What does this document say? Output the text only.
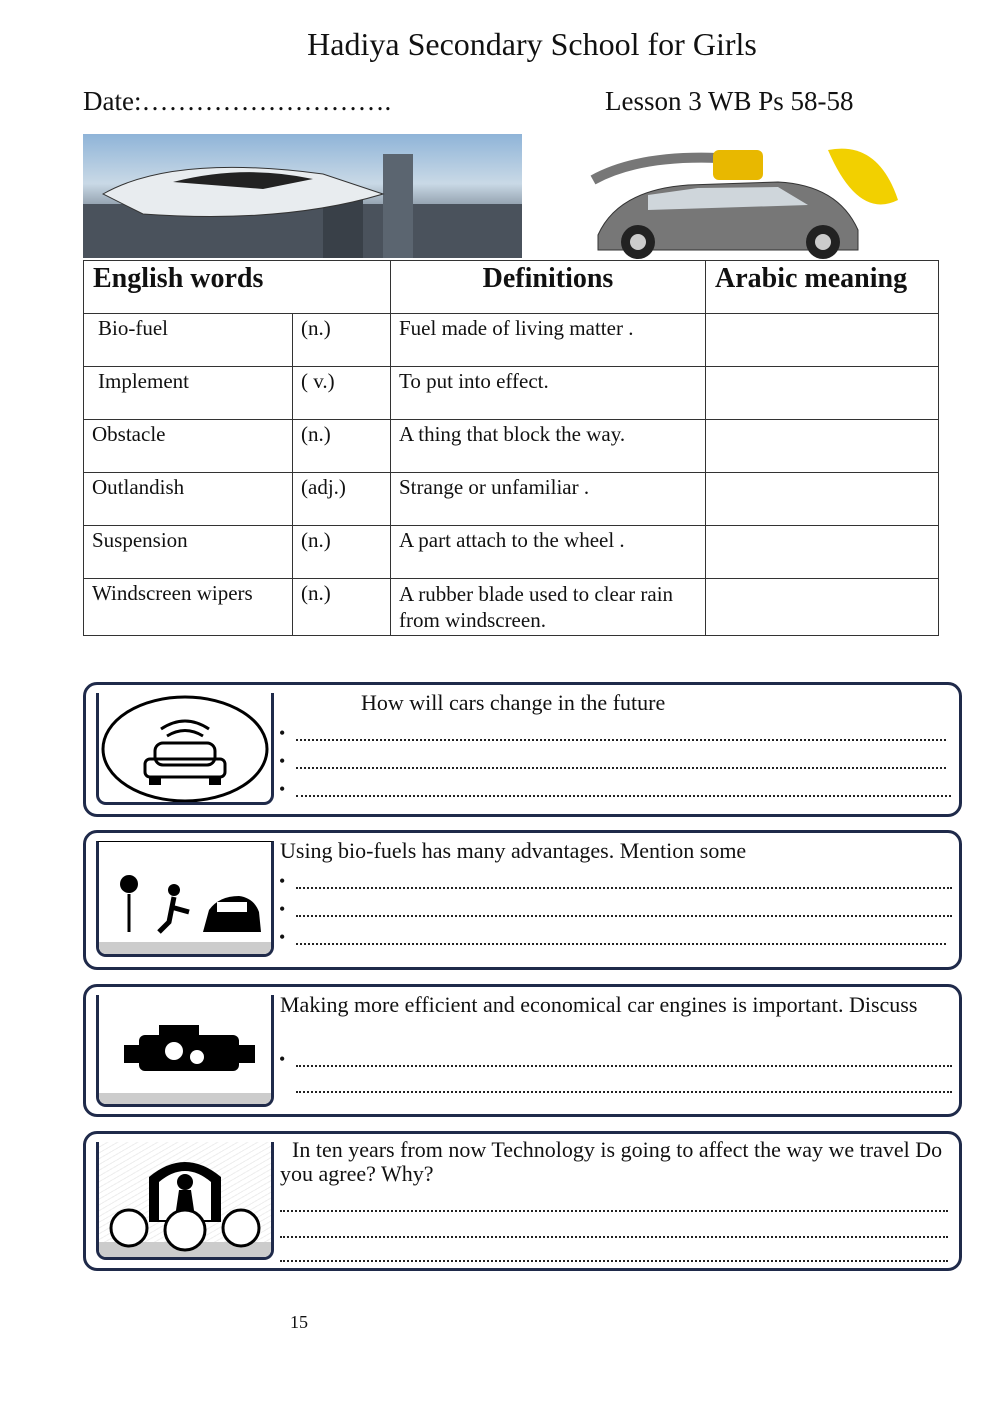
Hadiya Secondary School for Girls
Date:……………………….	Lesson 3 WB Ps 58-58
English words		Definitions	Arabic meaning
Bio-fuel	(n.)	Fuel made of living matter .	
Implement	( v.)	To put into effect.	
Obstacle	(n.)	A thing that block the way.	
Outlandish	(adj.)	Strange or unfamiliar .	
Suspension	(n.)	A part attach to the wheel .	
Windscreen wipers	(n.)	A rubber blade used to clear rain from windscreen.	
How will cars change in the future
•
•
•
Using bio-fuels has many advantages. Mention some
•
•
•
Making more efficient and economical car engines is important. Discuss
•
In ten years from now Technology is going to affect the way we travel Do you agree? Why?
15
